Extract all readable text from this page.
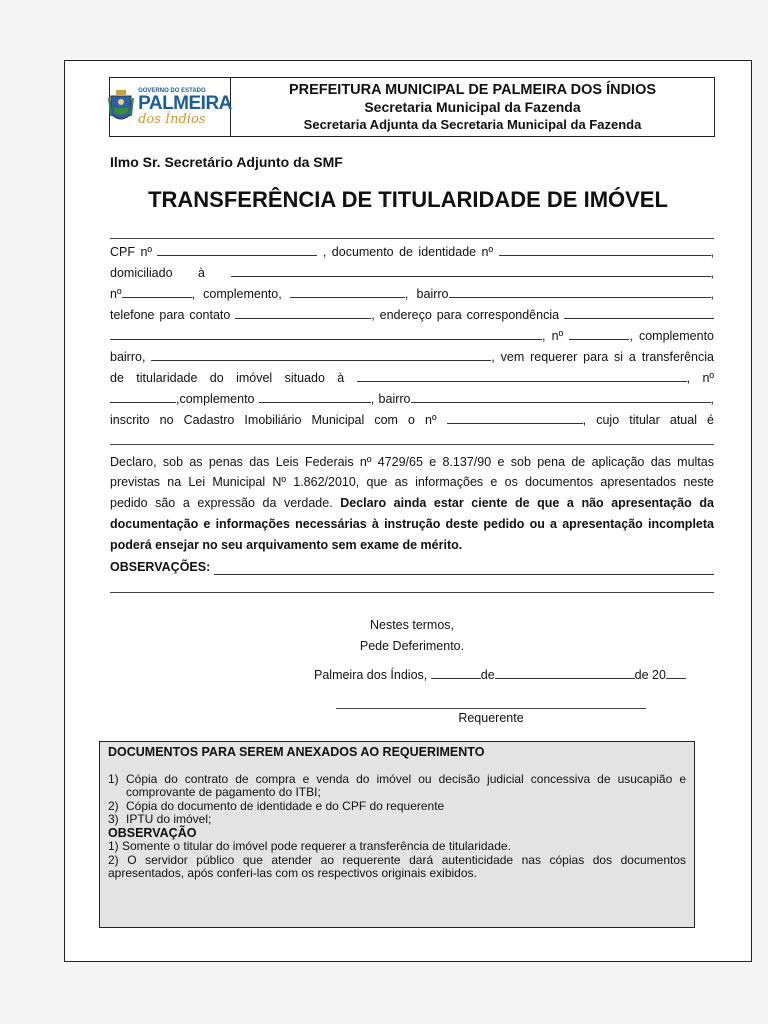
GOVERNO DO ESTADO
PALMEIRA
dos Índios
PREFEITURA MUNICIPAL DE PALMEIRA DOS ÍNDIOS
Secretaria Municipal da Fazenda
Secretaria Adjunta da Secretaria Municipal da Fazenda
Ilmo Sr. Secretário Adjunto da SMF
TRANSFERÊNCIA DE TITULARIDADE DE IMÓVEL
CPF nº	, documento de identidade nº	,
domiciliado à	,
nº	, complemento,	, bairro	,
telefone para contato	, endereço para correspondência
, nº	, complemento
bairro,	, vem requerer para si a transferência
de titularidade do imóvel situado à	, nº
,complemento	, bairro	,
inscrito no Cadastro Imobiliário Municipal com o nº	, cujo titular atual é
Declaro, sob as penas das Leis Federais nº 4729/65 e 8.137/90 e sob pena de aplicação das multas
previstas na Lei Municipal Nº 1.862/2010, que as informações e os documentos apresentados neste
pedido são a expressão da verdade. Declaro ainda estar ciente de que a não apresentação da
documentação e informações necessárias à instrução deste pedido ou a apresentação incompleta
poderá ensejar no seu arquivamento sem exame de mérito.
OBSERVAÇÕES:
Nestes termos,
Pede Deferimento.
Palmeira dos Índios,	de	de 20
Requerente
DOCUMENTOS PARA SEREM ANEXADOS AO REQUERIMENTO
1) Cópia do contrato de compra e venda do imóvel ou decisão judicial concessiva de usucapião e comprovante de pagamento do ITBI;
2) Cópia do documento de identidade e do CPF do requerente
3) IPTU do imóvel;
OBSERVAÇÃO
1) Somente o titular do imóvel pode requerer a transferência de titularidade.
2) O servidor público que atender ao requerente dará autenticidade nas cópias dos documentos apresentados, após conferi-las com os respectivos originais exibidos.
